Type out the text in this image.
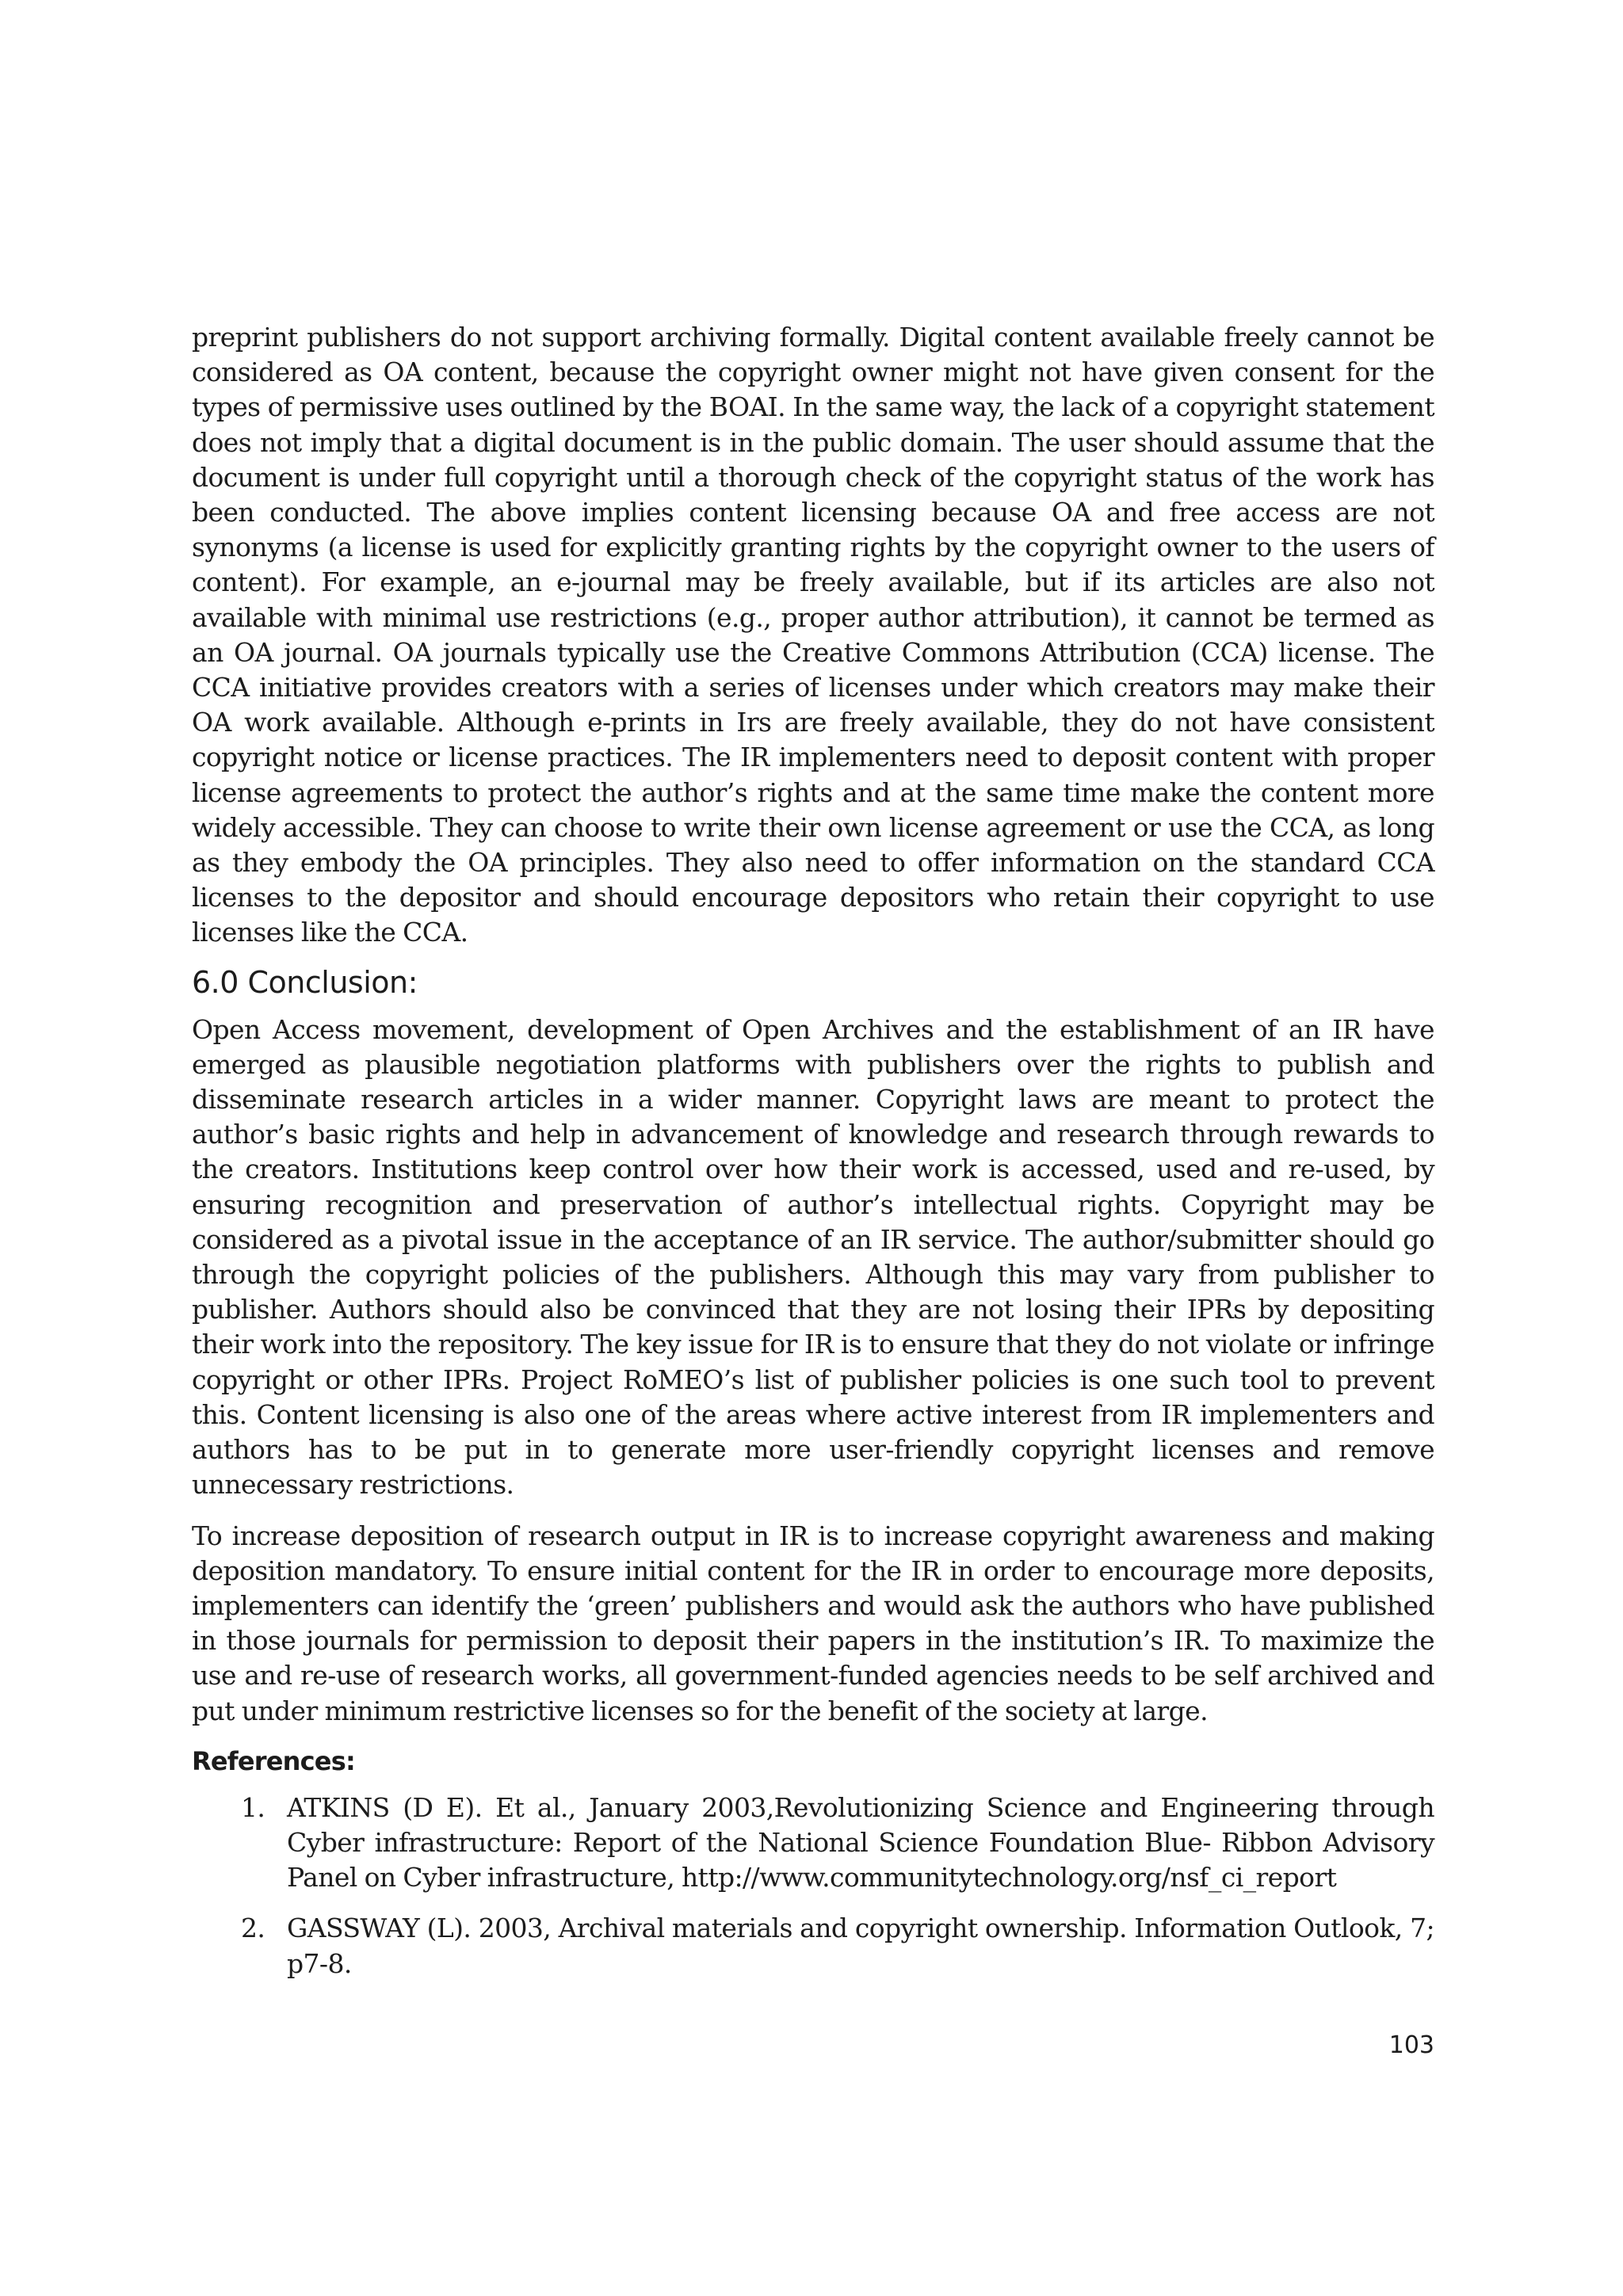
preprint publishers do not support archiving formally. Digital content available freely cannot be considered as OA content, because the copyright owner might not have given consent for the types of permissive uses outlined by the BOAI. In the same way, the lack of a copyright statement does not imply that a digital document is in the public domain. The user should assume that the document is under full copyright until a thorough check of the copyright status of the work has been conducted. The above implies content licensing because OA and free access are not synonyms (a license is used for explicitly granting rights by the copyright owner to the users of content). For example, an e-journal may be freely available, but if its articles are also not available with minimal use restrictions (e.g., proper author attribution), it cannot be termed as an OA journal. OA journals typically use the Creative Commons Attribution (CCA) license. The CCA initiative provides creators with a series of licenses under which creators may make their OA work available. Although e-prints in Irs are freely available, they do not have consistent copyright notice or license practices. The IR implementers need to deposit content with proper license agreements to protect the author’s rights and at the same time make the content more widely accessible. They can choose to write their own license agreement or use the CCA, as long as they embody the OA principles. They also need to offer information on the standard CCA licenses to the depositor and should encourage depositors who retain their copyright to use licenses like the CCA.

6.0 Conclusion:

Open Access movement, development of Open Archives and the establishment of an IR have emerged as plausible negotiation platforms with publishers over the rights to publish and disseminate research articles in a wider manner. Copyright laws are meant to protect the author’s basic rights and help in advancement of knowledge and research through rewards to the creators. Institutions keep control over how their work is accessed, used and re-used, by ensuring recognition and preservation of author’s intellectual rights. Copyright may be considered as a pivotal issue in the acceptance of an IR service. The author/submitter should go through the copyright policies of the publishers. Although this may vary from publisher to publisher. Authors should also be convinced that they are not losing their IPRs by depositing their work into the repository. The key issue for IR is to ensure that they do not violate or infringe copyright or other IPRs. Project RoMEO’s list of publisher policies is one such tool to prevent this. Content licensing is also one of the areas where active interest from IR implementers and authors has to be put in to generate more user-friendly copyright licenses and remove unnecessary restrictions.

To increase deposition of research output in IR is to increase copyright awareness and making deposition mandatory. To ensure initial content for the IR in order to encourage more deposits, implementers can identify the ‘green’ publishers and would ask the authors who have published in those journals for permission to deposit their papers in the institution’s IR. To maximize the use and re-use of research works, all government-funded agencies needs to be self archived and put under minimum restrictive licenses so for the benefit of the society at large.

References:
1. ATKINS (D E). Et al., January 2003,Revolutionizing Science and Engineering through Cyber infrastructure: Report of the National Science Foundation Blue- Ribbon Advisory Panel on Cyber infrastructure, http://www.communitytechnology.org/nsf_ci_report
2. GASSWAY (L). 2003, Archival materials and copyright ownership. Information Outlook, 7; p7-8.
103
